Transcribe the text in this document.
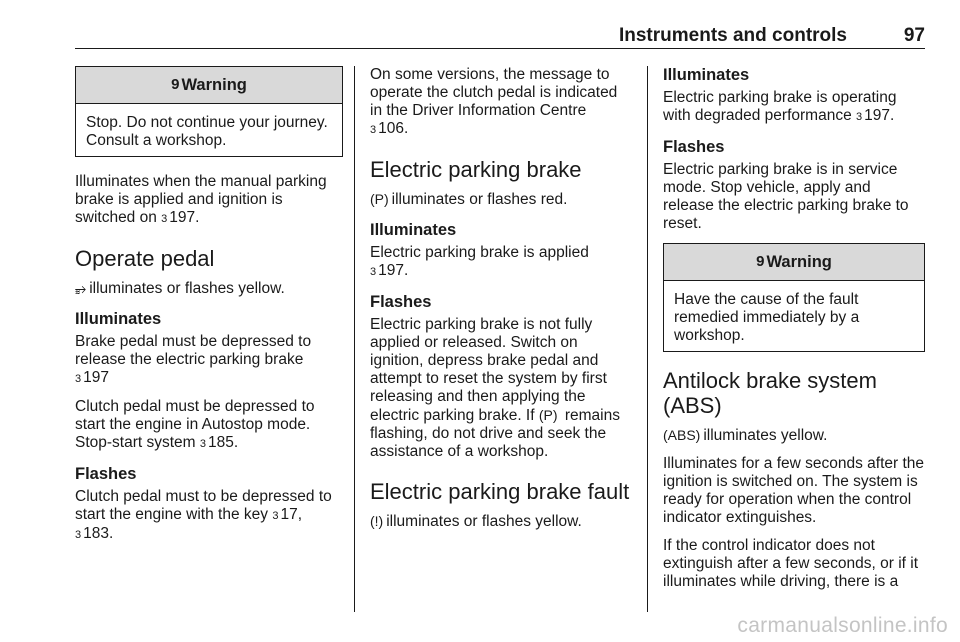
Instruments and controls	97
9 Warning
Stop. Do not continue your journey. Consult a workshop.

Illuminates when the manual parking brake is applied and ignition is switched on 3 197.

Operate pedal

⥵ illuminates or flashes yellow.

Illuminates

Brake pedal must be depressed to release the electric parking brake
3 197

Clutch pedal must be depressed to start the engine in Autostop mode. Stop-start system 3 185.

Flashes

Clutch pedal must to be depressed to start the engine with the key 3 17,
3 183.

On some versions, the message to operate the clutch pedal is indicated in the Driver Information Centre
3 106.

Electric parking brake

(P) illuminates or flashes red.

Illuminates

Electric parking brake is applied
3 197.

Flashes

Electric parking brake is not fully applied or released. Switch on ignition, depress brake pedal and attempt to reset the system by first releasing and then applying the electric parking brake. If (P) remains flashing, do not drive and seek the assistance of a workshop.

Electric parking brake fault

(!) illuminates or flashes yellow.

Illuminates

Electric parking brake is operating with degraded performance 3 197.

Flashes

Electric parking brake is in service mode. Stop vehicle, apply and release the electric parking brake to reset.

9 Warning
Have the cause of the fault remedied immediately by a workshop.
Antilock brake system (ABS)

(ABS) illuminates yellow.

Illuminates for a few seconds after the ignition is switched on. The system is ready for operation when the control indicator extinguishes.

If the control indicator does not extinguish after a few seconds, or if it illuminates while driving, there is a

carmanualsonline.info
